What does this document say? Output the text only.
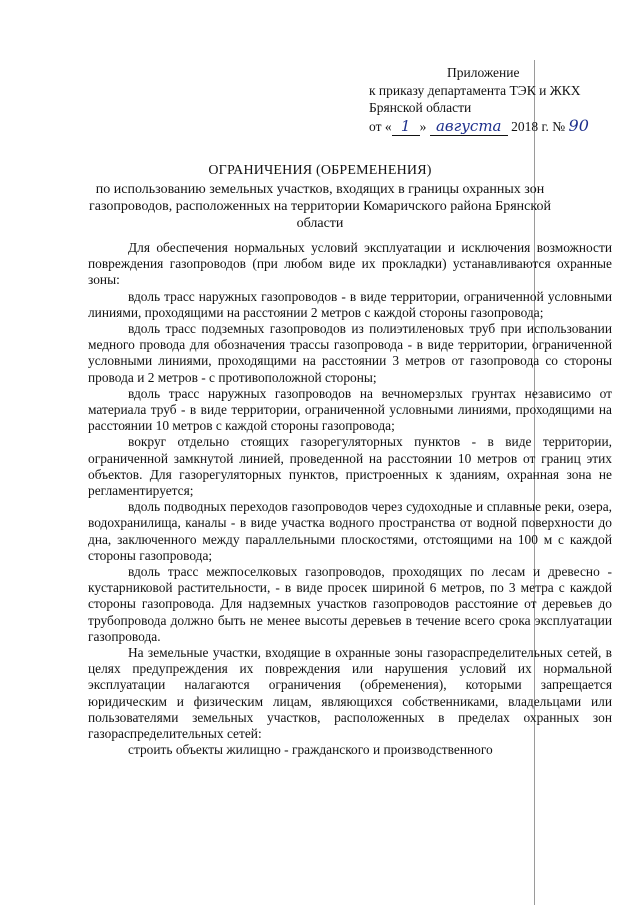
Приложение
к приказу департамента ТЭК и ЖКХ
Брянской области
от « 1 » августа 2018 г. № 90
ОГРАНИЧЕНИЯ (ОБРЕМЕНЕНИЯ)
по использованию земельных участков, входящих в границы охранных зон газопроводов, расположенных на территории Комаричского района Брянской области

Для обеспечения нормальных условий эксплуатации и исключения возможности повреждения газопроводов (при любом виде их прокладки) устанавливаются охранные зоны:

вдоль трасс наружных газопроводов - в виде территории, ограниченной условными линиями, проходящими на расстоянии 2 метров с каждой стороны газопровода;

вдоль трасс подземных газопроводов из полиэтиленовых труб при использовании медного провода для обозначения трассы газопровода - в виде территории, ограниченной условными линиями, проходящими на расстоянии 3 метров от газопровода со стороны провода и 2 метров - с противоположной стороны;

вдоль трасс наружных газопроводов на вечномерзлых грунтах независимо от материала труб - в виде территории, ограниченной условными линиями, проходящими на расстоянии 10 метров с каждой стороны газопровода;

вокруг отдельно стоящих газорегуляторных пунктов - в виде территории, ограниченной замкнутой линией, проведенной на расстоянии 10 метров от границ этих объектов. Для газорегуляторных пунктов, пристроенных к зданиям, охранная зона не регламентируется;

вдоль подводных переходов газопроводов через судоходные и сплавные реки, озера, водохранилища, каналы - в виде участка водного пространства от водной поверхности до дна, заключенного между параллельными плоскостями, отстоящими на 100 м с каждой стороны газопровода;

вдоль трасс межпоселковых газопроводов, проходящих по лесам и древесно - кустарниковой растительности, - в виде просек шириной 6 метров, по 3 метра с каждой стороны газопровода. Для надземных участков газопроводов расстояние от деревьев до трубопровода должно быть не менее высоты деревьев в течение всего срока эксплуатации газопровода.

На земельные участки, входящие в охранные зоны газораспределительных сетей, в целях предупреждения их повреждения или нарушения условий их нормальной эксплуатации налагаются ограничения (обременения), которыми запрещается юридическим и физическим лицам, являющихся собственниками, владельцами или пользователями земельных участков, расположенных в пределах охранных зон газораспределительных сетей:

строить объекты жилищно - гражданского и производственного
